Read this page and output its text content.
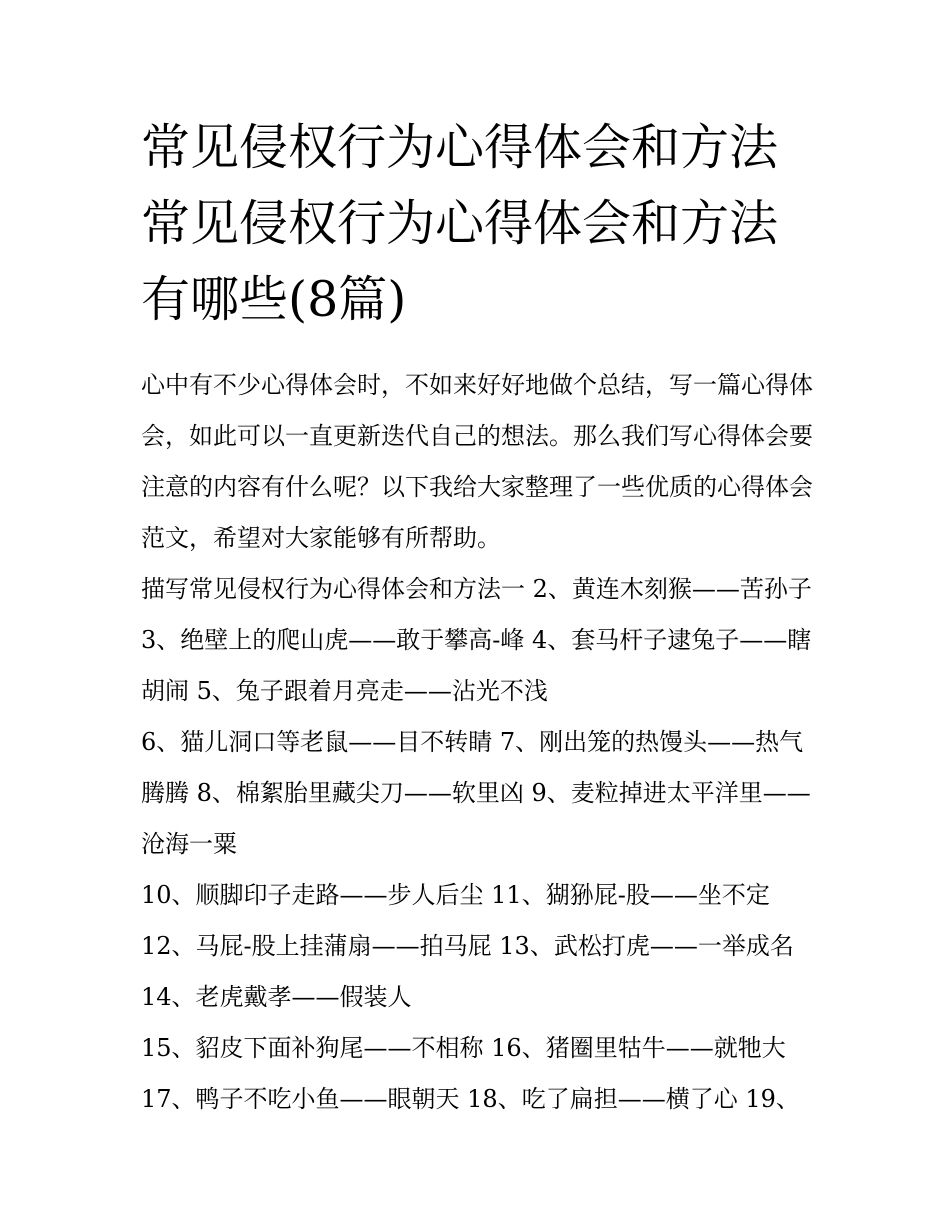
常见侵权行为心得体会和方法常见侵权行为心得体会和方法有哪些(8篇)

心中有不少心得体会时，不如来好好地做个总结，写一篇心得体会，如此可以一直更新迭代自己的想法。那么我们写心得体会要注意的内容有什么呢？以下我给大家整理了一些优质的心得体会范文，希望对大家能够有所帮助。

描写常见侵权行为心得体会和方法一 2、黄连木刻猴——苦孙子 3、绝壁上的爬山虎——敢于攀高-峰 4、套马杆子逮兔子——瞎胡闹 5、兔子跟着月亮走——沾光不浅

6、猫儿洞口等老鼠——目不转睛 7、刚出笼的热馒头——热气腾腾 8、棉絮胎里藏尖刀——软里凶 9、麦粒掉进太平洋里——沧海一粟

10、顺脚印子走路——步人后尘 11、猢狲屁-股——坐不定

12、马屁-股上挂蒲扇——拍马屁 13、武松打虎——一举成名

14、老虎戴孝——假装人

15、貂皮下面补狗尾——不相称 16、猪圈里牯牛——就牠大

17、鸭子不吃小鱼——眼朝天 18、吃了扁担——横了心 19、
